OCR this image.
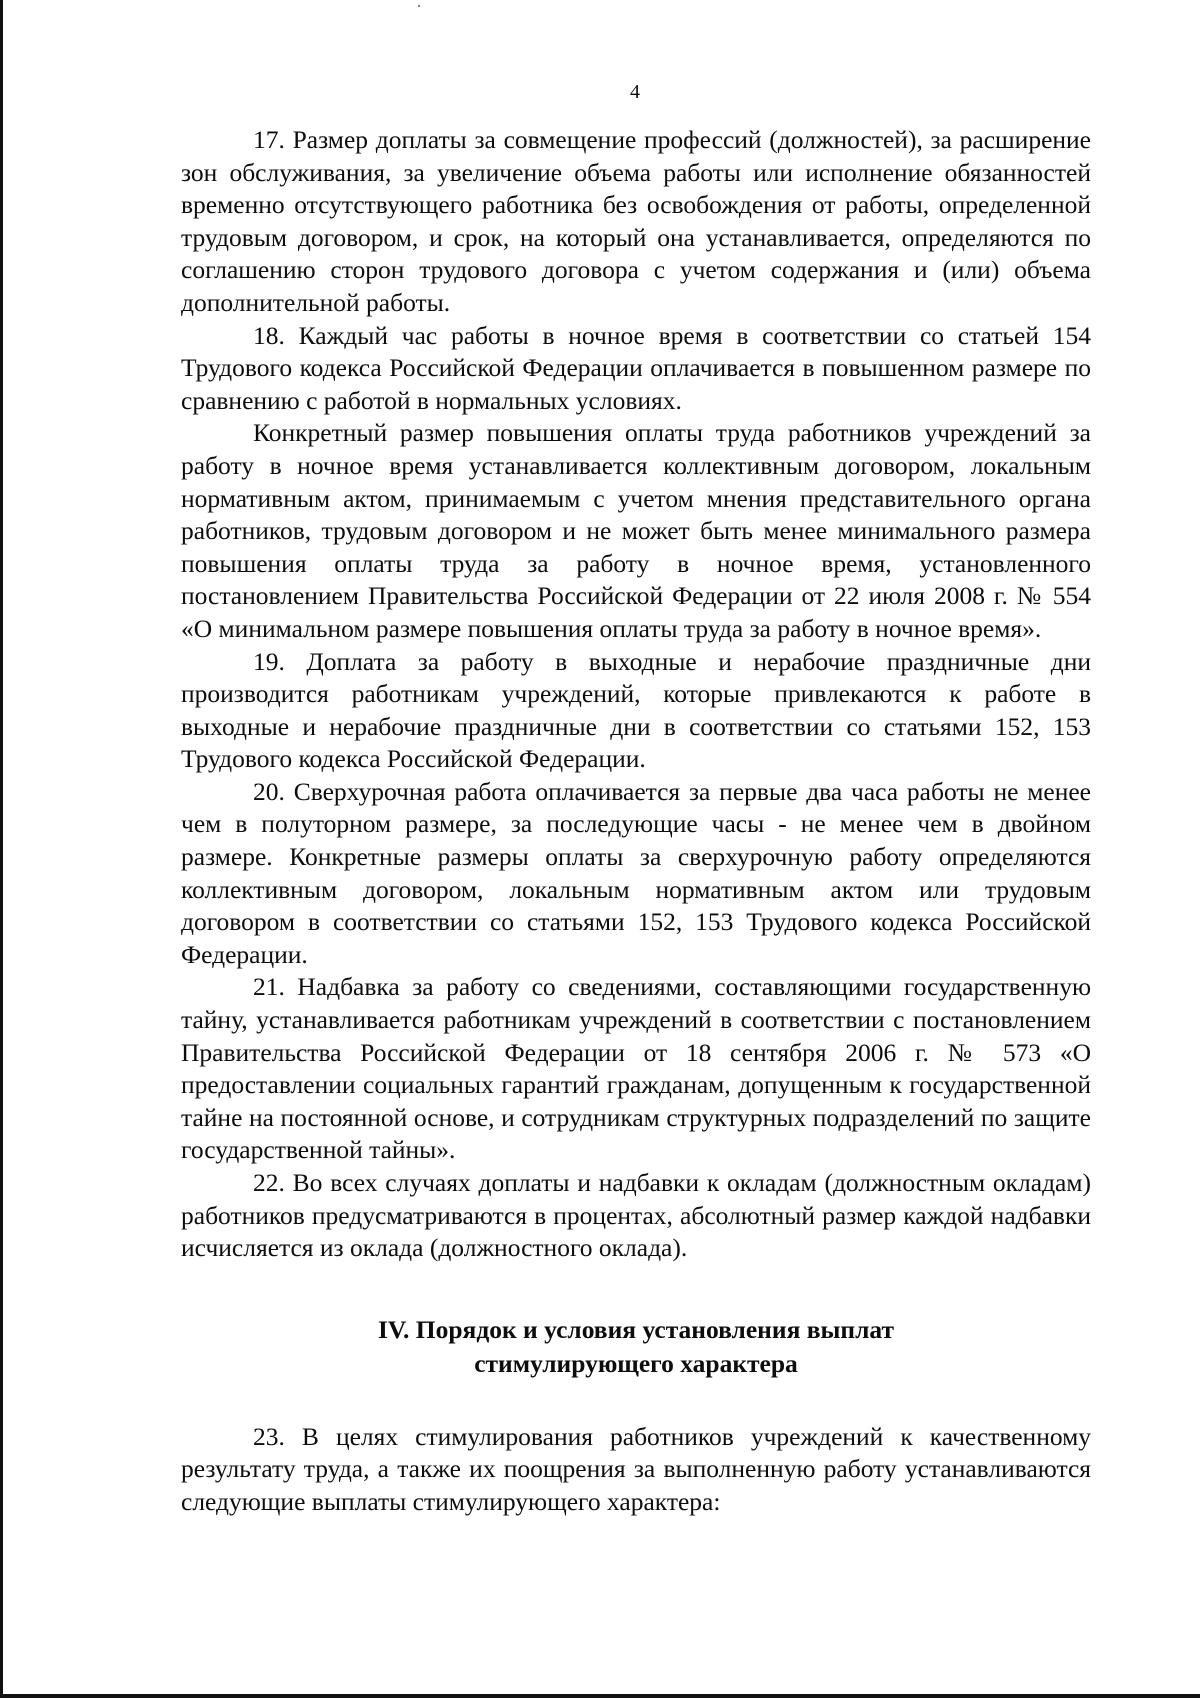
4

17. Размер доплаты за совмещение профессий (должностей), за расширение зон обслуживания, за увеличение объема работы или исполнение обязанностей временно отсутствующего работника без освобождения от работы, определенной трудовым договором, и срок, на который она устанавливается, определяются по соглашению сторон трудового договора с учетом содержания и (или) объема дополнительной работы.

18. Каждый час работы в ночное время в соответствии со статьей 154 Трудового кодекса Российской Федерации оплачивается в повышенном размере по сравнению с работой в нормальных условиях.

Конкретный размер повышения оплаты труда работников учреждений за работу в ночное время устанавливается коллективным договором, локальным нормативным актом, принимаемым с учетом мнения представительного органа работников, трудовым договором и не может быть менее минимального размера повышения оплаты труда за работу в ночное время, установленного постановлением Правительства Российской Федерации от 22 июля 2008 г. № 554 «О минимальном размере повышения оплаты труда за работу в ночное время».

19. Доплата за работу в выходные и нерабочие праздничные дни производится работникам учреждений, которые привлекаются к работе в выходные и нерабочие праздничные дни в соответствии со статьями 152, 153 Трудового кодекса Российской Федерации.

20. Сверхурочная работа оплачивается за первые два часа работы не менее чем в полуторном размере, за последующие часы - не менее чем в двойном размере. Конкретные размеры оплаты за сверхурочную работу определяются коллективным договором, локальным нормативным актом или трудовым договором в соответствии со статьями 152, 153 Трудового кодекса Российской Федерации.

21. Надбавка за работу со сведениями, составляющими государственную тайну, устанавливается работникам учреждений в соответствии с постановлением Правительства Российской Федерации от 18 сентября 2006 г. № 573 «О предоставлении социальных гарантий гражданам, допущенным к государственной тайне на постоянной основе, и сотрудникам структурных подразделений по защите государственной тайны».

22. Во всех случаях доплаты и надбавки к окладам (должностным окладам) работников предусматриваются в процентах, абсолютный размер каждой надбавки исчисляется из оклада (должностного оклада).

IV. Порядок и условия установления выплат
стимулирующего характера

23. В целях стимулирования работников учреждений к качественному результату труда, а также их поощрения за выполненную работу устанавливаются следующие выплаты стимулирующего характера:
